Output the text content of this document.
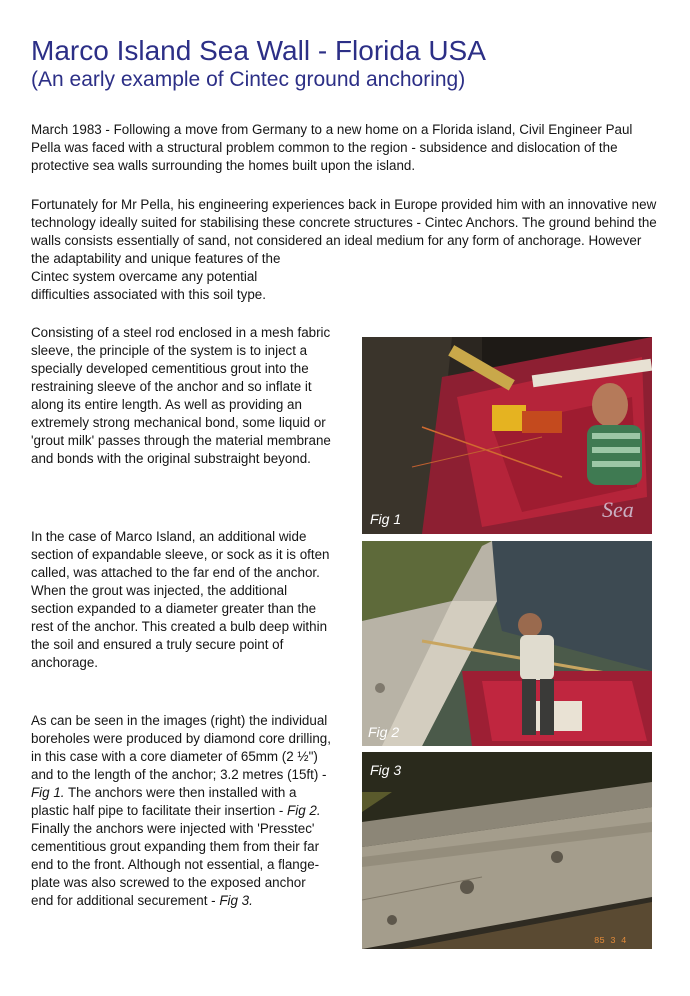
Marco Island Sea Wall - Florida USA
(An early example of Cintec ground anchoring)

March 1983 - Following a move from Germany to a new home on a Florida island, Civil Engineer Paul Pella was faced with a structural problem common to the region - subsidence and dislocation of the protective sea walls surrounding the homes built upon the island.

Fortunately for Mr Pella, his engineering experiences back in Europe provided him with an innovative new technology ideally suited for stabilising these concrete structures - Cintec Anchors. The ground behind the walls consists essentially of sand, not considered an ideal medium for any form of anchorage. However the adaptability and unique features of the
Cintec system overcame any potential
difficulties associated with this soil type.

Consisting of a steel rod enclosed in a mesh fabric sleeve, the principle of the system is to inject a specially developed cementitious grout into the restraining sleeve of the anchor and so inflate it along its entire length. As well as providing an extremely strong mechanical bond, some liquid or 'grout milk' passes through the material membrane and bonds with the original substraight beyond.

In the case of Marco Island, an additional wide section of expandable sleeve, or sock as it is often called, was attached to the far end of the anchor. When the grout was injected, the additional section expanded to a diameter greater than the rest of the anchor. This created a bulb deep within the soil and ensured a truly secure point of anchorage.

As can be seen in the images (right) the individual boreholes were produced by diamond core drilling, in this case with a core diameter of 65mm (2 ½") and to the length of the anchor; 3.2 metres (15ft) - Fig 1. The anchors were then installed with a plastic half pipe to facilitate their insertion - Fig 2. Finally the anchors were injected with 'Presstec' cementitious grout expanding them from their far end to the front. Although not essential, a flange-plate was also screwed to the exposed anchor end for additional securement - Fig 3.

Sea
Fig 1
Fig 2
85 3 4
Fig 3
